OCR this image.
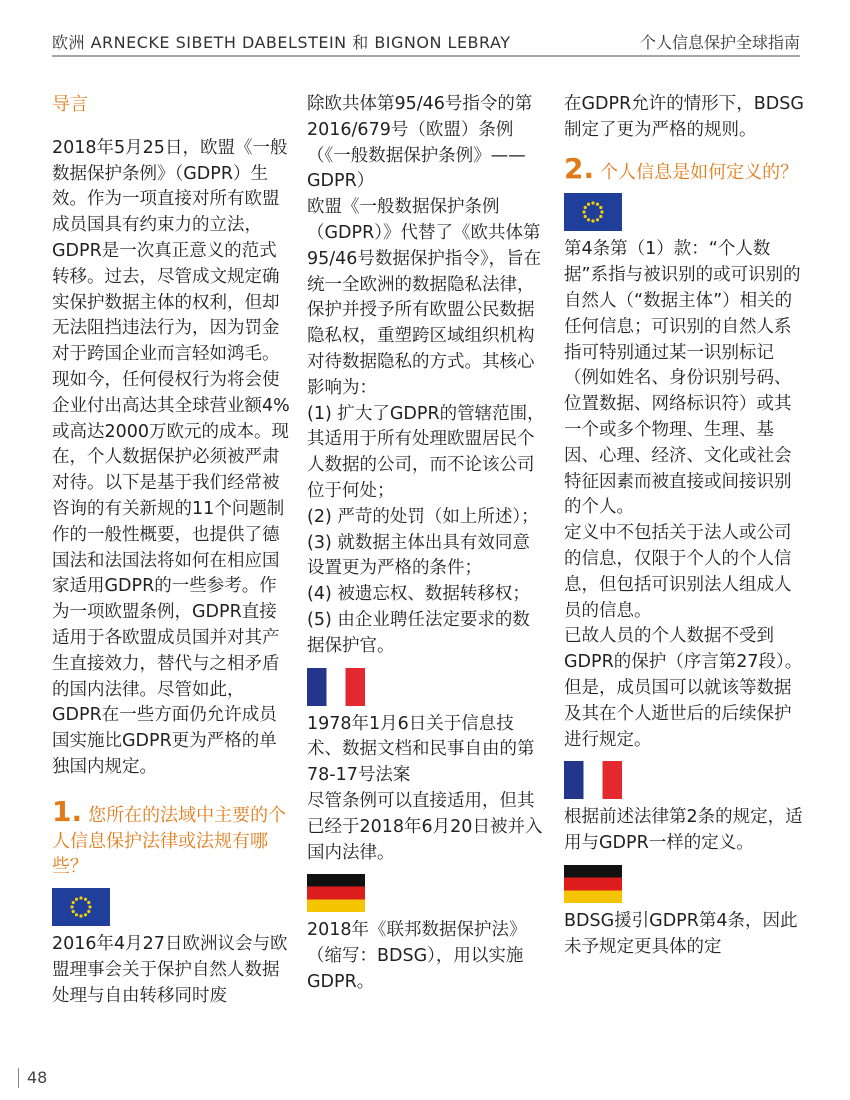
欧洲 ARNECKE SIBETH DABELSTEIN 和 BIGNON LEBRAY	个人信息保护全球指南

导言

2018年5月25日，欧盟《一般数据保护条例》（GDPR）生效。作为一项直接对所有欧盟成员国具有约束力的立法，GDPR是一次真正意义的范式转移。过去，尽管成文规定确实保护数据主体的权利，但却无法阻挡违法行为，因为罚金对于跨国企业而言轻如鸿毛。现如今，任何侵权行为将会使企业付出高达其全球营业额4%或高达2000万欧元的成本。现在，个人数据保护必须被严肃对待。以下是基于我们经常被咨询的有关新规的11个问题制作的一般性概要，也提供了德国法和法国法将如何在相应国家适用GDPR的一些参考。作为一项欧盟条例，GDPR直接适用于各欧盟成员国并对其产生直接效力，替代与之相矛盾的国内法律。尽管如此，GDPR在一些方面仍允许成员国实施比GDPR更为严格的单独国内规定。

1. 您所在的法域中主要的个人信息保护法律或法规有哪些？

2016年4月27日欧洲议会与欧盟理事会关于保护自然人数据处理与自由转移同时废

除欧共体第95/46号指令的第2016/679号（欧盟）条例（《一般数据保护条例》—— GDPR）

欧盟《一般数据保护条例（GDPR）》代替了《欧共体第95/46号数据保护指令》，旨在统一全欧洲的数据隐私法律，保护并授予所有欧盟公民数据隐私权，重塑跨区域组织机构对待数据隐私的方式。其核心影响为：

(1) 扩大了GDPR的管辖范围，其适用于所有处理欧盟居民个人数据的公司，而不论该公司位于何处；

(2) 严苛的处罚（如上所述）；

(3) 就数据主体出具有效同意设置更为严格的条件；

(4) 被遗忘权、数据转移权；

(5) 由企业聘任法定要求的数据保护官。

1978年1月6日关于信息技术、数据文档和民事自由的第78-17号法案

尽管条例可以直接适用，但其已经于2018年6月20日被并入国内法律。

2018年《联邦数据保护法》（缩写：BDSG），用以实施GDPR。

在GDPR允许的情形下，BDSG制定了更为严格的规则。

2. 个人信息是如何定义的？

第4条第（1）款：“个人数据”系指与被识别的或可识别的自然人（“数据主体”）相关的任何信息；可识别的自然人系指可特别通过某一识别标记（例如姓名、身份识别号码、位置数据、网络标识符）或其一个或多个物理、生理、基因、心理、经济、文化或社会特征因素而被直接或间接识别的个人。

定义中不包括关于法人或公司的信息，仅限于个人的个人信息，但包括可识别法人组成人员的信息。

已故人员的个人数据不受到GDPR的保护（序言第27段）。但是，成员国可以就该等数据及其在个人逝世后的后续保护进行规定。

根据前述法律第2条的规定，适用与GDPR一样的定义。

BDSG援引GDPR第4条，因此未予规定更具体的定

48
